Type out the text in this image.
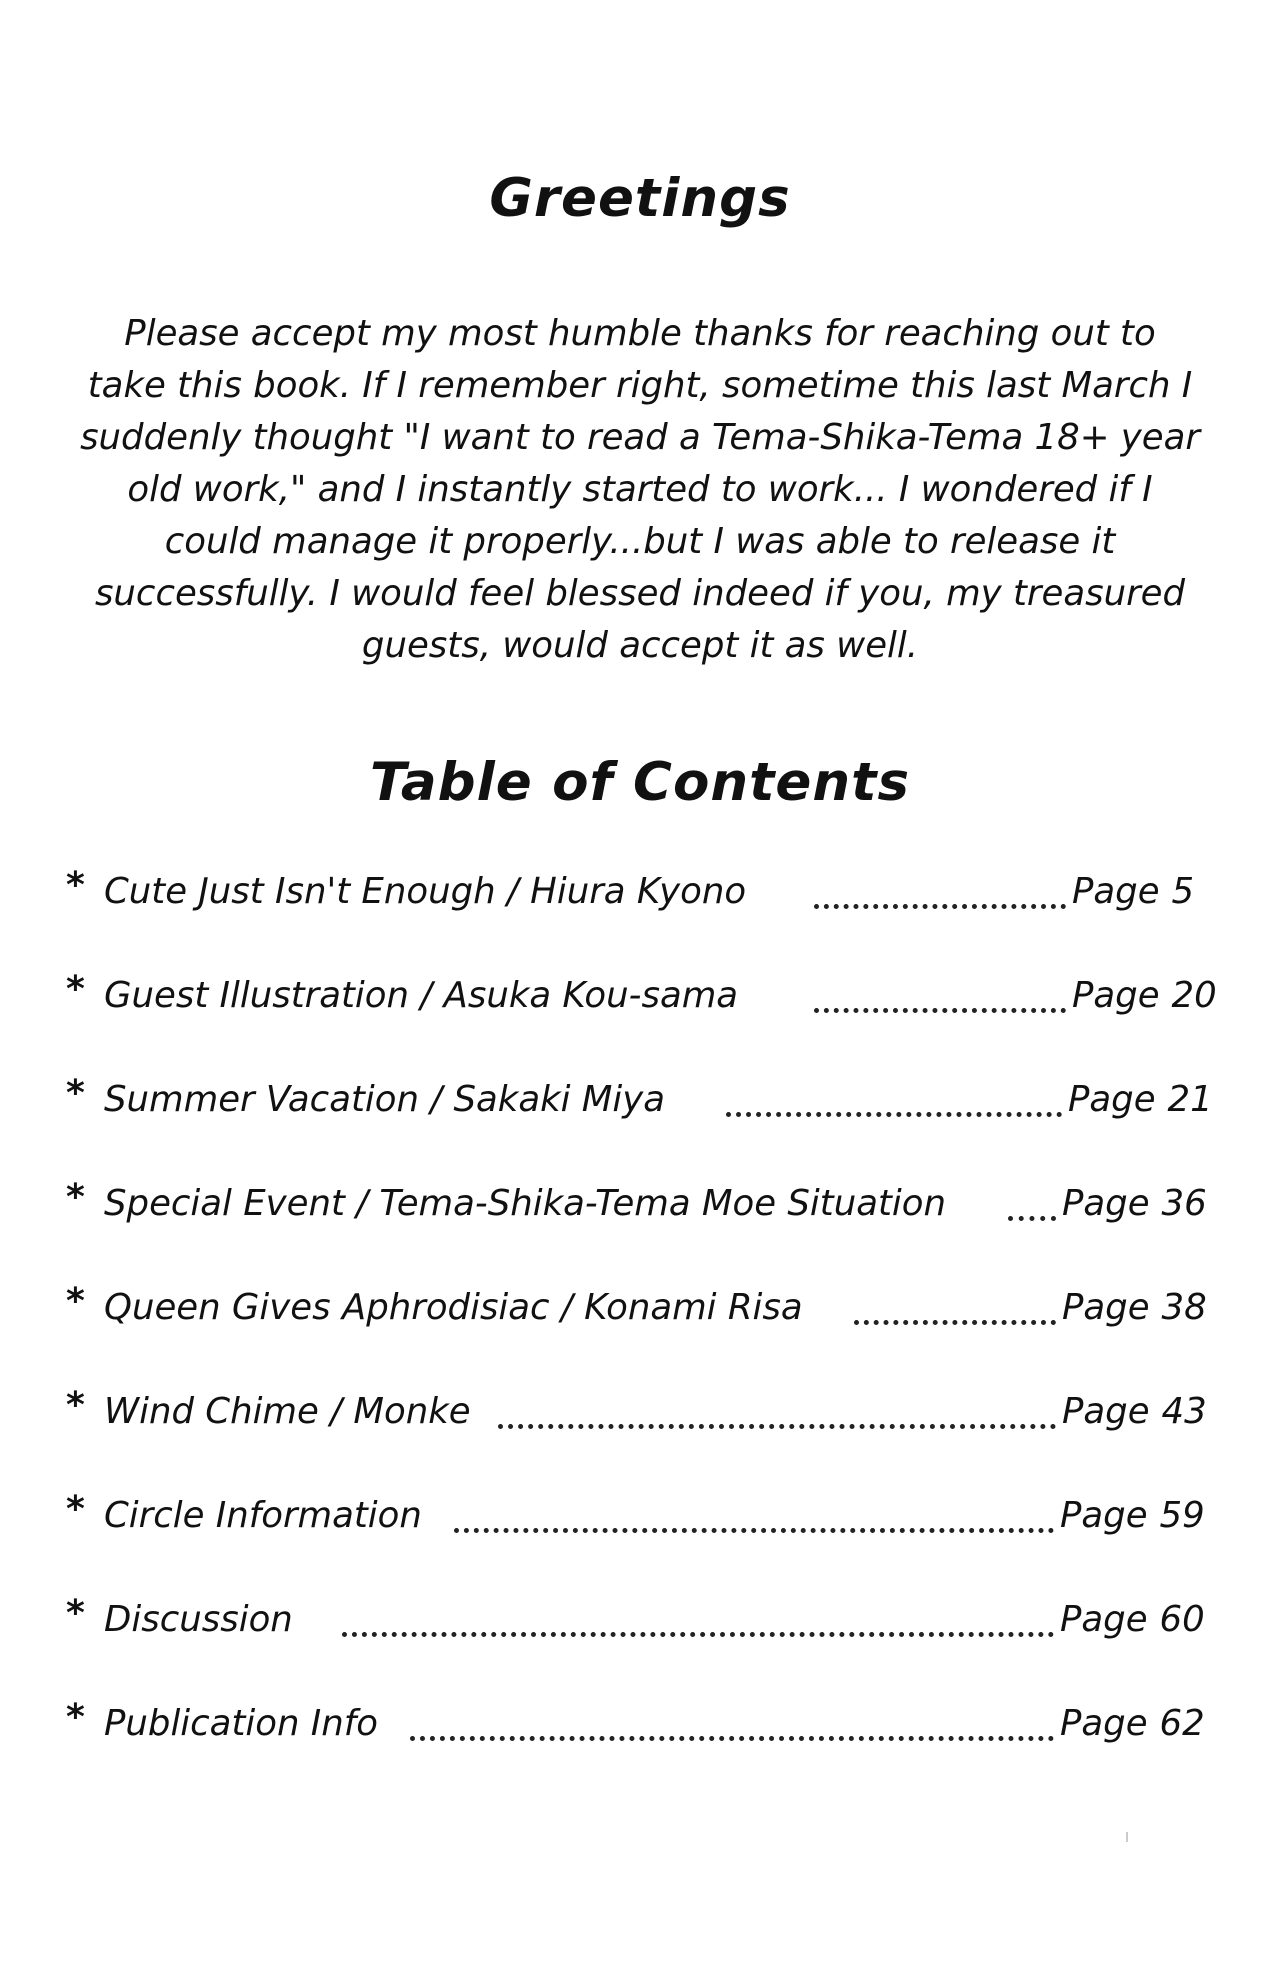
Greetings
Please accept my most humble thanks for reaching out to
take this book. If I remember right, sometime this last March I
suddenly thought "I want to read a Tema-Shika-Tema 18+ year
old work," and I instantly started to work... I wondered if I
could manage it properly...but I was able to release it
successfully. I would feel blessed indeed if you, my treasured
guests, would accept it as well.
Table of Contents
* Cute Just Isn't Enough / Hiura Kyono	Page 5
* Guest Illustration / Asuka Kou-sama	Page 20
* Summer Vacation / Sakaki Miya	Page 21
* Special Event / Tema-Shika-Tema Moe Situation	Page 36
* Queen Gives Aphrodisiac / Konami Risa	Page 38
* Wind Chime / Monke	Page 43
* Circle Information	Page 59
* Discussion	Page 60
* Publication Info	Page 62
